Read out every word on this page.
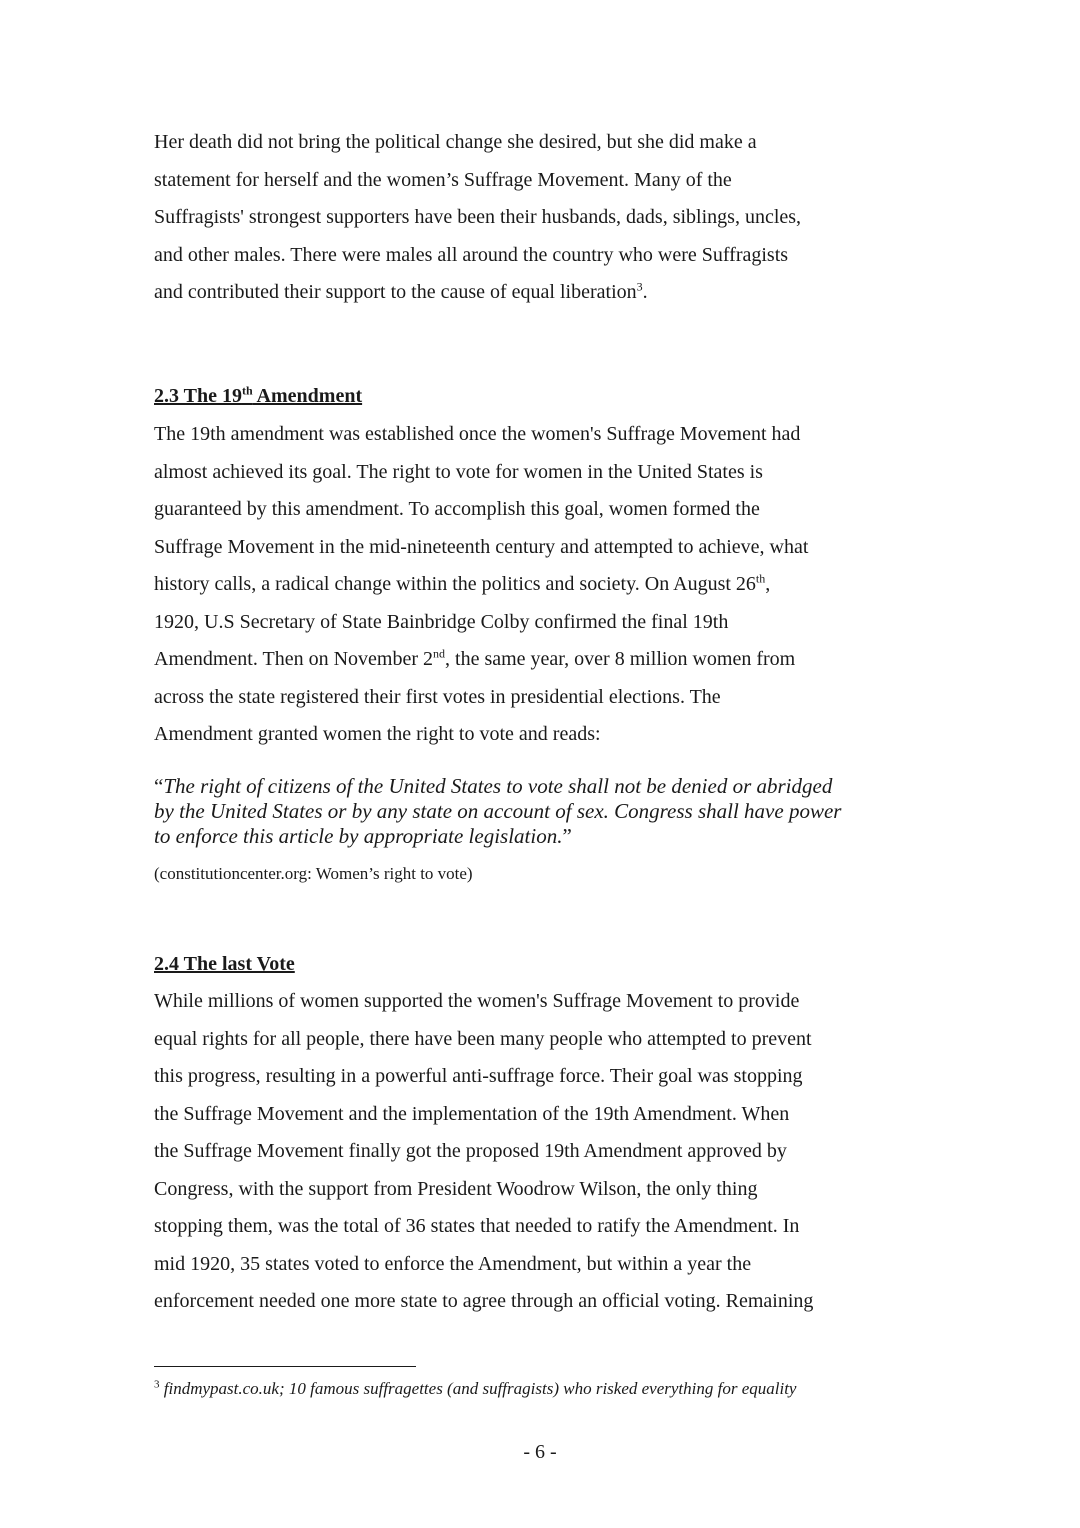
Her death did not bring the political change she desired, but she did make a
statement for herself and the women’s Suffrage Movement. Many of the
Suffragists' strongest supporters have been their husbands, dads, siblings, uncles,
and other males. There were males all around the country who were Suffragists
and contributed their support to the cause of equal liberation$^3$.
2.3 The 19th Amendment
The 19th amendment was established once the women's Suffrage Movement had
almost achieved its goal. The right to vote for women in the United States is
guaranteed by this amendment. To accomplish this goal, women formed the
Suffrage Movement in the mid-nineteenth century and attempted to achieve, what
history calls, a radical change within the politics and society. On August 26th,
1920, U.S Secretary of State Bainbridge Colby confirmed the final 19th
Amendment. Then on November 2nd, the same year, over 8 million women from
across the state registered their first votes in presidential elections. The
Amendment granted women the right to vote and reads:
“The right of citizens of the United States to vote shall not be denied or abridged
by the United States or by any state on account of sex. Congress shall have power
to enforce this article by appropriate legislation.”
(constitutioncenter.org: Women’s right to vote)
2.4 The last Vote
While millions of women supported the women's Suffrage Movement to provide
equal rights for all people, there have been many people who attempted to prevent
this progress, resulting in a powerful anti-suffrage force. Their goal was stopping
the Suffrage Movement and the implementation of the 19th Amendment. When
the Suffrage Movement finally got the proposed 19th Amendment approved by
Congress, with the support from President Woodrow Wilson, the only thing
stopping them, was the total of 36 states that needed to ratify the Amendment. In
mid 1920, 35 states voted to enforce the Amendment, but within a year the
enforcement needed one more state to agree through an official voting. Remaining
$^3$ findmypast.co.uk; 10 famous suffragettes (and suffragists) who risked everything for equality
- 6 -
